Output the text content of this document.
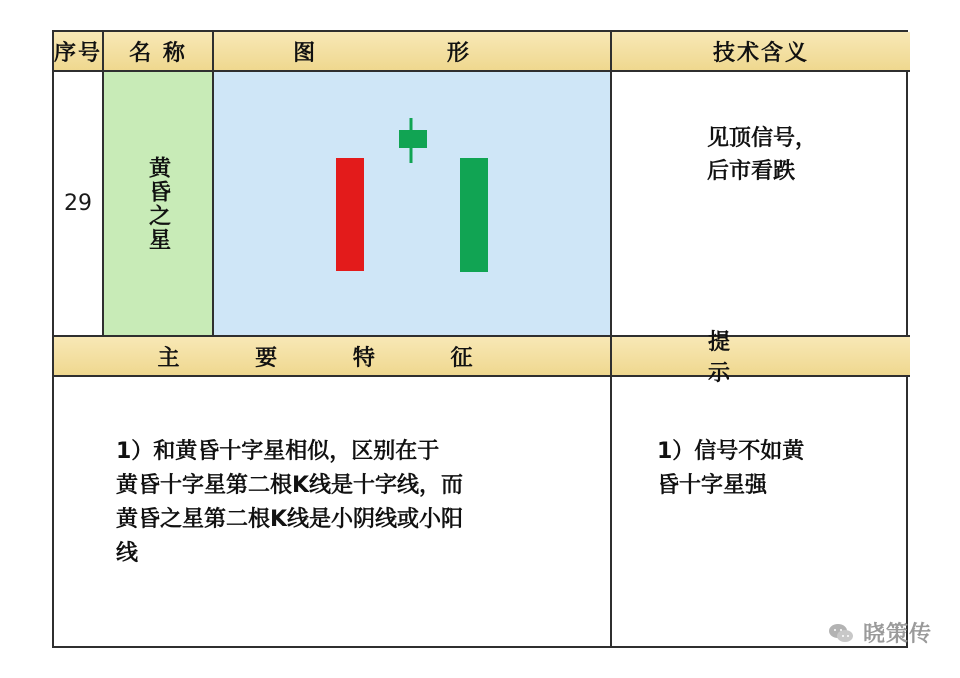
序号 名 称	图 形	技术含义
29 黄昏之星
见顶信号，
后市看跌
主 要 特 征
提 示
1）和黄昏十字星相似，区别在于
黄昏十字星第二根K线是十字线，而
黄昏之星第二根K线是小阴线或小阳
线
1）信号不如黄
昏十字星强
晓策传
